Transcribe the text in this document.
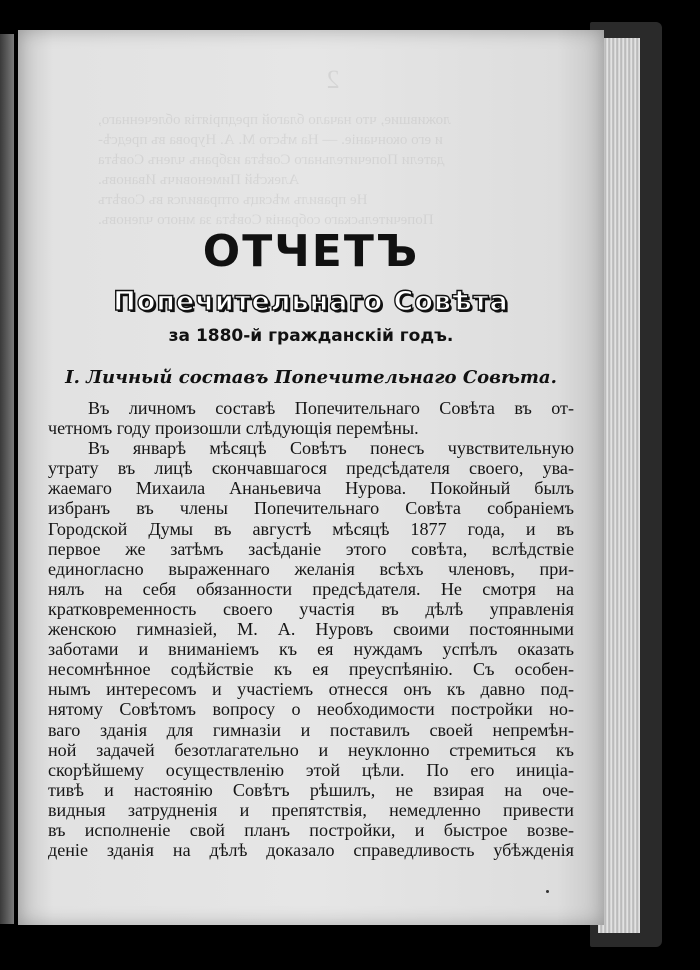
2
ложившие, что начало благой предпріятія облеченнаго,
и его окончаніе. — На мѣсто М. А. Нурова въ предсѣ-
датели Попечительнаго Совѣта избранъ членъ Совѣта
Алексѣй Пименовичъ Ивановъ.
Не правилъ мѣсяцъ отправился въ Совѣтъ
Попечительскаго собранія Совѣта за много членовъ.
ОТЧЕТЪ
Попечительнаго Совѣта
за 1880-й гражданскій годъ.
I. Личный составъ Попечительнаго Совѣта.
Въ личномъ составѣ Попечительнаго Совѣта въ от-
четномъ году произошли слѣдующія перемѣны.
Въ январѣ мѣсяцѣ Совѣтъ понесъ чувствительную
утрату въ лицѣ скончавшагося предсѣдателя своего, ува-
жаемаго Михаила Ананьевича Нурова. Покойный былъ
избранъ въ члены Попечительнаго Совѣта собраніемъ
Городской Думы въ августѣ мѣсяцѣ 1877 года, и въ
первое же затѣмъ засѣданіе этого совѣта, вслѣдствіе
единогласно выраженнаго желанія всѣхъ членовъ, при-
нялъ на себя обязанности предсѣдателя. Не смотря на
кратковременность своего участія въ дѣлѣ управленія
женскою гимназіей, М. А. Нуровъ своими постоянными
заботами и вниманіемъ къ ея нуждамъ успѣлъ оказать
несомнѣнное содѣйствіе къ ея преуспѣянію. Съ особен-
нымъ интересомъ и участіемъ отнесся онъ къ давно под-
нятому Совѣтомъ вопросу о необходимости постройки но-
ваго зданія для гимназіи и поставилъ своей непремѣн-
ной задачей безотлагательно и неуклонно стремиться къ
скорѣйшему осуществленію этой цѣли. По его иниціа-
тивѣ и настоянію Совѣтъ рѣшилъ, не взирая на оче-
видныя затрудненія и препятствія, немедленно привести
въ исполненіе свой планъ постройки, и быстрое возве-
деніе зданія на дѣлѣ доказало справедливость убѣжденія
